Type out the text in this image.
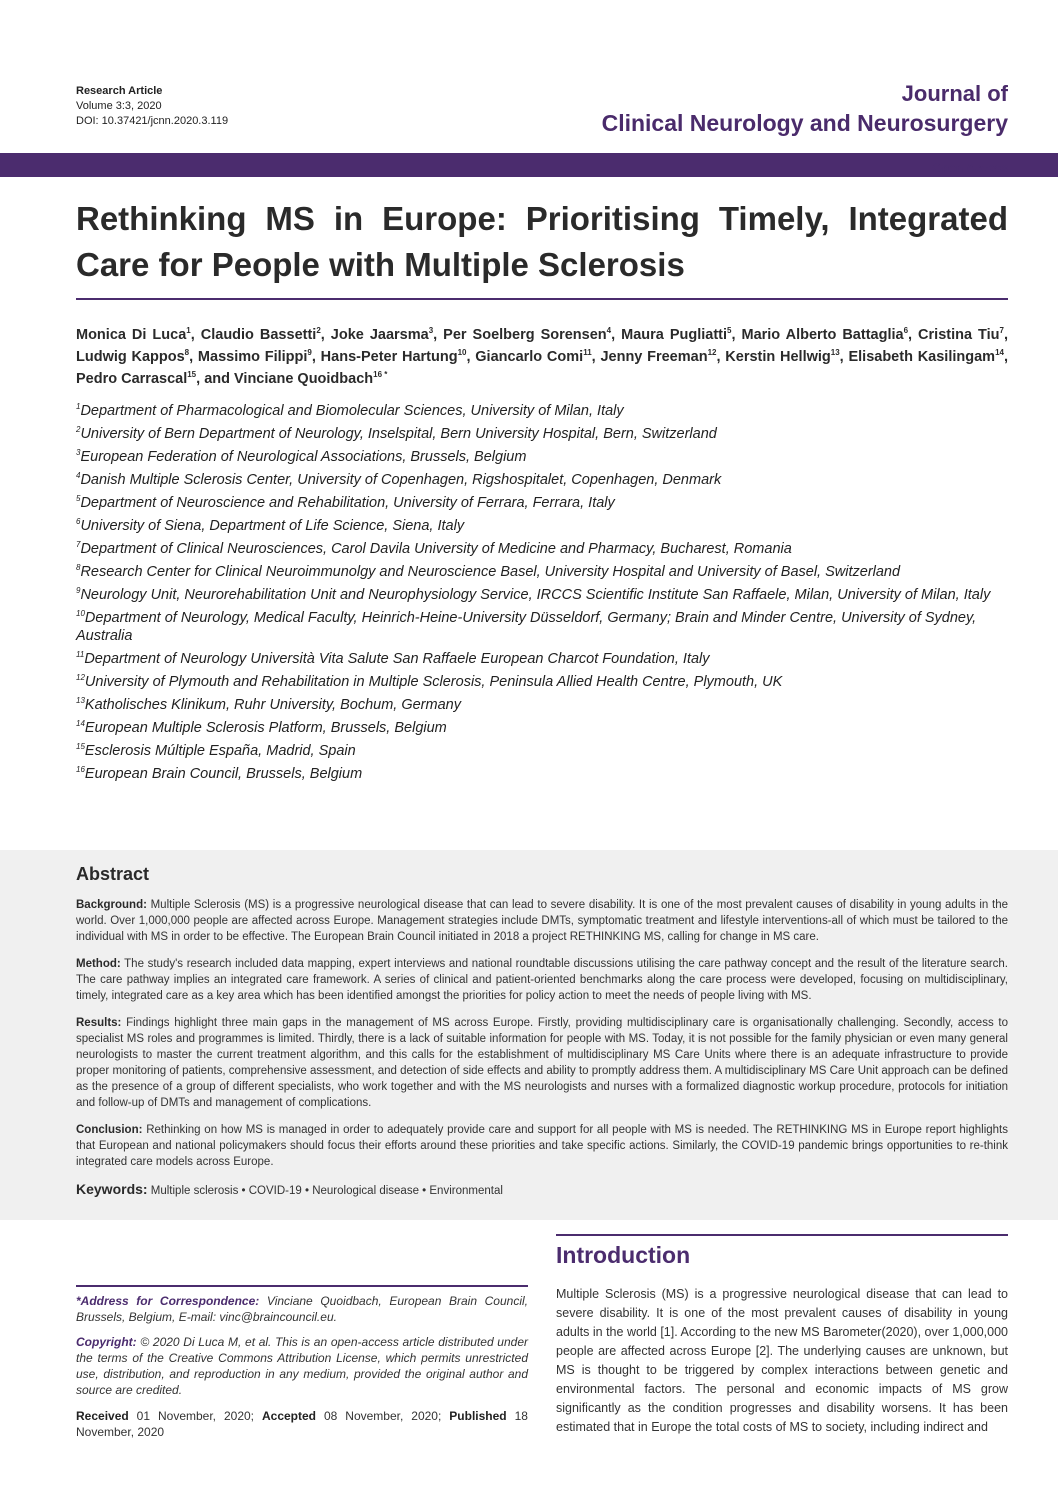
Research Article
Volume 3:3, 2020
DOI: 10.37421/jcnn.2020.3.119
Journal of
Clinical Neurology and Neurosurgery
Open Access
Rethinking MS in Europe: Prioritising Timely, Integrated Care for People with Multiple Sclerosis
Monica Di Luca$^1$, Claudio Bassetti$^2$, Joke Jaarsma$^3$, Per Soelberg Sorensen$^4$, Maura Pugliatti$^5$, Mario Alberto Battaglia$^6$, Cristina Tiu$^7$, Ludwig Kappos$^8$, Massimo Filippi$^9$, Hans-Peter Hartung$^{10}$, Giancarlo Comi$^{11}$, Jenny Freeman$^{12}$, Kerstin Hellwig$^{13}$, Elisabeth Kasilingam$^{14}$, Pedro Carrascal$^{15}$, and Vinciane Quoidbach$^{16 *}$
$^1$Department of Pharmacological and Biomolecular Sciences, University of Milan, Italy
$^2$University of Bern Department of Neurology, Inselspital, Bern University Hospital, Bern, Switzerland
$^3$European Federation of Neurological Associations, Brussels, Belgium
$^4$Danish Multiple Sclerosis Center, University of Copenhagen, Rigshospitalet, Copenhagen, Denmark
$^5$Department of Neuroscience and Rehabilitation, University of Ferrara, Ferrara, Italy
$^6$University of Siena, Department of Life Science, Siena, Italy
$^7$Department of Clinical Neurosciences, Carol Davila University of Medicine and Pharmacy, Bucharest, Romania
$^8$Research Center for Clinical Neuroimmunolgy and Neuroscience Basel, University Hospital and University of Basel, Switzerland
$^9$Neurology Unit, Neurorehabilitation Unit and Neurophysiology Service, IRCCS Scientific Institute San Raffaele, Milan, University of Milan, Italy
$^{10}$Department of Neurology, Medical Faculty, Heinrich-Heine-University Düsseldorf, Germany; Brain and Minder Centre, University of Sydney, Australia
$^{11}$Department of Neurology Università Vita Salute San Raffaele European Charcot Foundation, Italy
$^{12}$University of Plymouth and Rehabilitation in Multiple Sclerosis, Peninsula Allied Health Centre, Plymouth, UK
$^{13}$Katholisches Klinikum, Ruhr University, Bochum, Germany
$^{14}$European Multiple Sclerosis Platform, Brussels, Belgium
$^{15}$Esclerosis Múltiple España, Madrid, Spain
$^{16}$European Brain Council, Brussels, Belgium
Abstract

Background: Multiple Sclerosis (MS) is a progressive neurological disease that can lead to severe disability. It is one of the most prevalent causes of disability in young adults in the world. Over 1,000,000 people are affected across Europe. Management strategies include DMTs, symptomatic treatment and lifestyle interventions-all of which must be tailored to the individual with MS in order to be effective. The European Brain Council initiated in 2018 a project RETHINKING MS, calling for change in MS care.

Method: The study's research included data mapping, expert interviews and national roundtable discussions utilising the care pathway concept and the result of the literature search. The care pathway implies an integrated care framework. A series of clinical and patient-oriented benchmarks along the care process were developed, focusing on multidisciplinary, timely, integrated care as a key area which has been identified amongst the priorities for policy action to meet the needs of people living with MS.

Results: Findings highlight three main gaps in the management of MS across Europe. Firstly, providing multidisciplinary care is organisationally challenging. Secondly, access to specialist MS roles and programmes is limited. Thirdly, there is a lack of suitable information for people with MS. Today, it is not possible for the family physician or even many general neurologists to master the current treatment algorithm, and this calls for the establishment of multidisciplinary MS Care Units where there is an adequate infrastructure to provide proper monitoring of patients, comprehensive assessment, and detection of side effects and ability to promptly address them. A multidisciplinary MS Care Unit approach can be defined as the presence of a group of different specialists, who work together and with the MS neurologists and nurses with a formalized diagnostic workup procedure, protocols for initiation and follow-up of DMTs and management of complications.

Conclusion: Rethinking on how MS is managed in order to adequately provide care and support for all people with MS is needed. The RETHINKING MS in Europe report highlights that European and national policymakers should focus their efforts around these priorities and take specific actions. Similarly, the COVID-19 pandemic brings opportunities to re-think integrated care models across Europe.

Keywords: Multiple sclerosis • COVID-19 • Neurological disease • Environmental

*Address for Correspondence: Vinciane Quoidbach, European Brain Council, Brussels, Belgium, E-mail: vinc@braincouncil.eu.

Copyright: © 2020 Di Luca M, et al. This is an open-access article distributed under the terms of the Creative Commons Attribution License, which permits unrestricted use, distribution, and reproduction in any medium, provided the original author and source are credited.

Received 01 November, 2020; Accepted 08 November, 2020; Published 18 November, 2020
Introduction

Multiple Sclerosis (MS) is a progressive neurological disease that can lead to severe disability. It is one of the most prevalent causes of disability in young adults in the world [1]. According to the new MS Barometer(2020), over 1,000,000 people are affected across Europe [2]. The underlying causes are unknown, but MS is thought to be triggered by complex interactions between genetic and environmental factors. The personal and economic impacts of MS grow significantly as the condition progresses and disability worsens. It has been estimated that in Europe the total costs of MS to society, including indirect and
